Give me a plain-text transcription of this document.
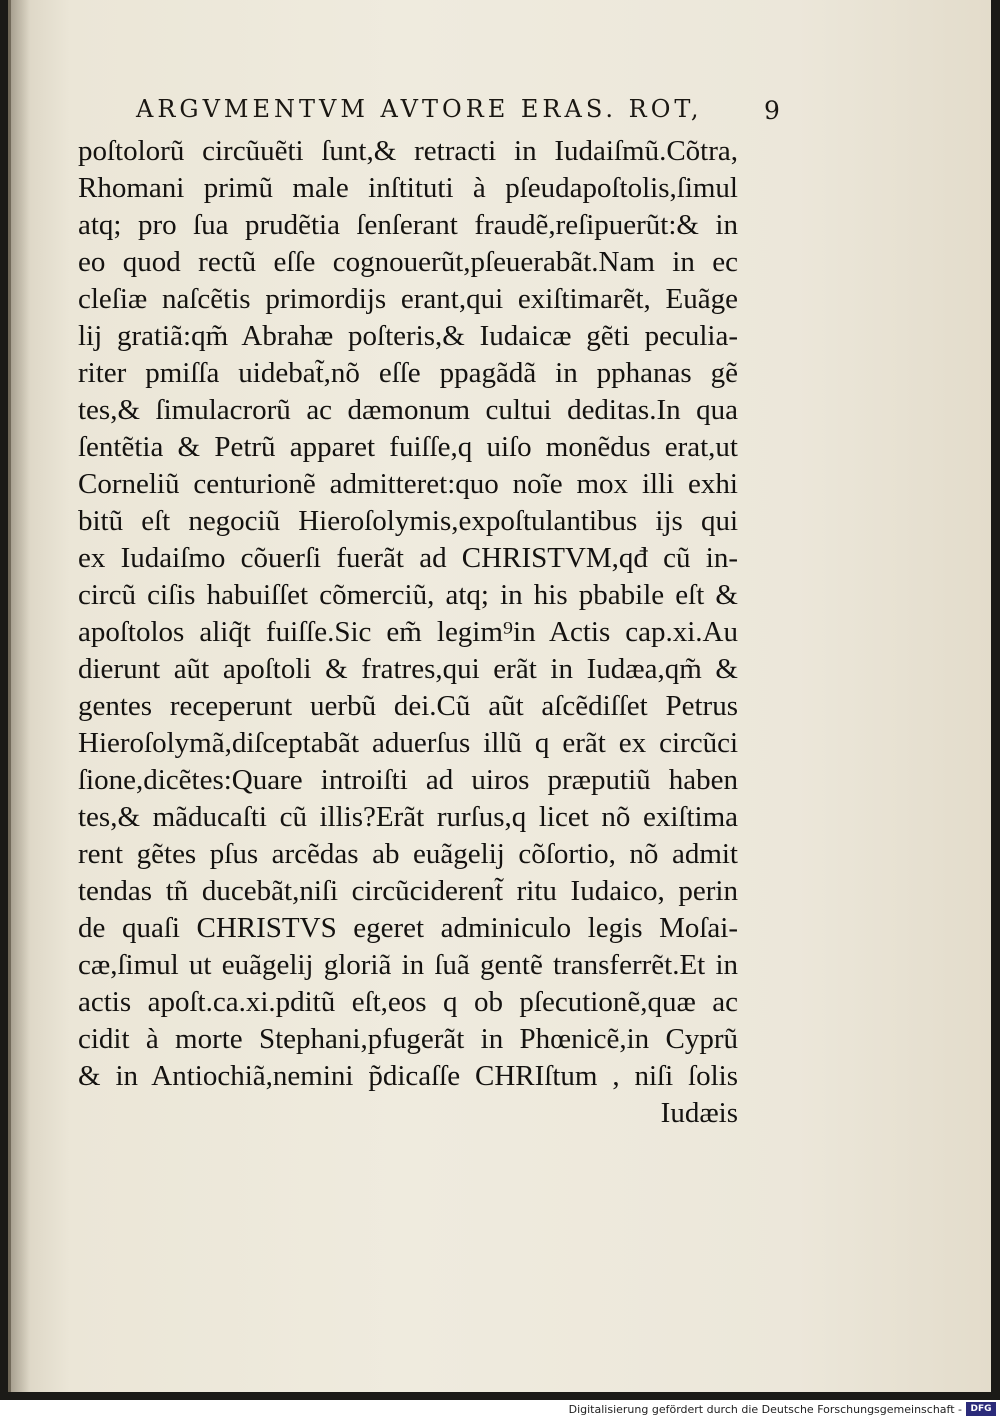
ARGVMENTVM AVTORE ERAS. ROT,	9
poſtolorũ circũuẽti ſunt,& retracti in Iudaiſmũ.Cõtra,
Rhomani primũ male inſtituti à pſeudapoſtolis,ſimul
atq; pro ſua prudẽtia ſenſerant fraudẽ,reſipuerũt:& in
eo quod rectũ eſſe cognouerũt,pſeuerabãt.Nam in ec
cleſiæ naſcẽtis primordijs erant,qui exiſtimarẽt, Euãge
lij gratiã:qm̃ Abrahæ poſteris,& Iudaicæ gẽti peculia-
riter pmiſſa uidebat̃,nõ eſſe ppagãdã in pphanas gẽ
tes,& ſimulacrorũ ac dæmonum cultui deditas.In qua
ſentẽtia & Petrũ apparet fuiſſe,q uiſo monẽdus erat,ut
Corneliũ centurionẽ admitteret:quo noĩe mox illi exhi
bitũ eſt negociũ Hieroſolymis,expoſtulantibus ijs qui
ex Iudaiſmo cõuerſi fuerãt ad CHRISTVM,qđ cũ in-
circũ ciſis habuiſſet cõmerciũ, atq; in his pbabile eſt &
apoſtolos aliq̃t fuiſſe.Sic em̃ legim⁹in Actis cap.xi.Au
dierunt aũt apoſtoli & fratres,qui erãt in Iudæa,qm̃ &
gentes receperunt uerbũ dei.Cũ aũt aſcẽdiſſet Petrus
Hieroſolymã,diſceptabãt aduerſus illũ q erãt ex circũci
ſione,dicẽtes:Quare introiſti ad uiros præputiũ haben
tes,& mãducaſti cũ illis?Erãt rurſus,q licet nõ exiſtima
rent gẽtes pſus arcẽdas ab euãgelij cõſortio, nõ admit
tendas tñ ducebãt,niſi circũciderent̃ ritu Iudaico, perin
de quaſi CHRISTVS egeret adminiculo legis Moſai-
cæ,ſimul ut euãgelij gloriã in ſuã gentẽ transferrẽt.Et in
actis apoſt.ca.xi.pditũ eſt,eos q ob pſecutionẽ,quæ ac
cidit à morte Stephani,pfugerãt in Phœnicẽ,in Cyprũ
& in Antiochiã,nemini p̃dicaſſe CHRIſtum , niſi ſolis
Iudæis
Digitalisierung gefördert durch die Deutsche Forschungsgemeinschaft - DFG
